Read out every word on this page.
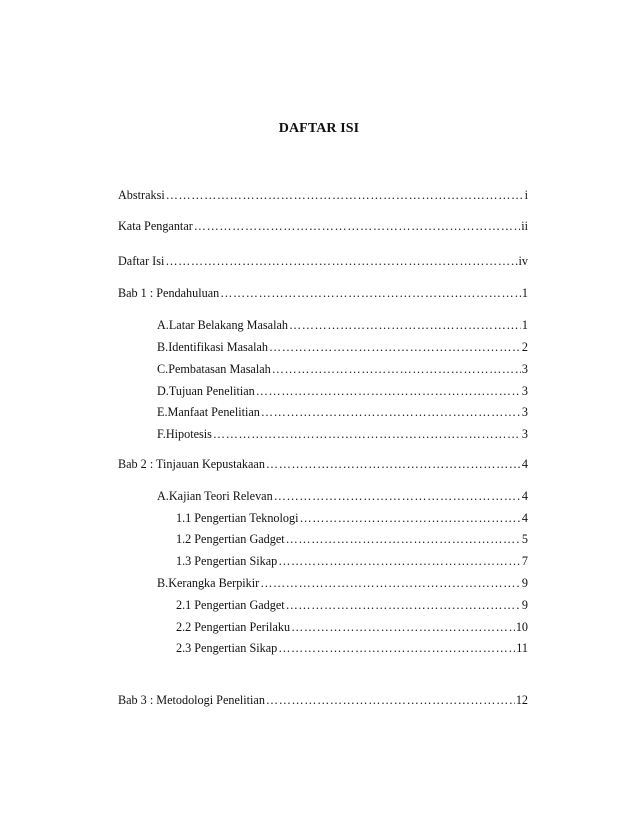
DAFTAR ISI
Abstraksi ………………………………………………………………………………………………………………………………………………………………………………	i
Kata Pengantar ………………………………………………………………………………………………………………………………………………………………………………	ii
Daftar Isi ………………………………………………………………………………………………………………………………………………………………………………	iv
Bab 1 : Pendahuluan ………………………………………………………………………………………………………………………………………………………………………………	1
A. Latar Belakang Masalah ………………………………………………………………………………………………………………………………………………………………………………	1
B. Identifikasi Masalah ………………………………………………………………………………………………………………………………………………………………………………	2
C. Pembatasan Masalah ………………………………………………………………………………………………………………………………………………………………………………	3
D. Tujuan Penelitian ………………………………………………………………………………………………………………………………………………………………………………	3
E. Manfaat Penelitian ………………………………………………………………………………………………………………………………………………………………………………	3
F. Hipotesis ………………………………………………………………………………………………………………………………………………………………………………	3
Bab 2 : Tinjauan Kepustakaan ………………………………………………………………………………………………………………………………………………………………………………	4
A. Kajian Teori Relevan ………………………………………………………………………………………………………………………………………………………………………………	4
1.1 Pengertian Teknologi ………………………………………………………………………………………………………………………………………………………………………………	4
1.2 Pengertian Gadget ………………………………………………………………………………………………………………………………………………………………………………	5
1.3 Pengertian Sikap ………………………………………………………………………………………………………………………………………………………………………………	7
B. Kerangka Berpikir ………………………………………………………………………………………………………………………………………………………………………………	9
2.1 Pengertian Gadget ………………………………………………………………………………………………………………………………………………………………………………	9
2.2 Pengertian Perilaku ………………………………………………………………………………………………………………………………………………………………………………	10
2.3 Pengertian Sikap ………………………………………………………………………………………………………………………………………………………………………………	11
Bab 3 : Metodologi Penelitian ………………………………………………………………………………………………………………………………………………………………………………	12
